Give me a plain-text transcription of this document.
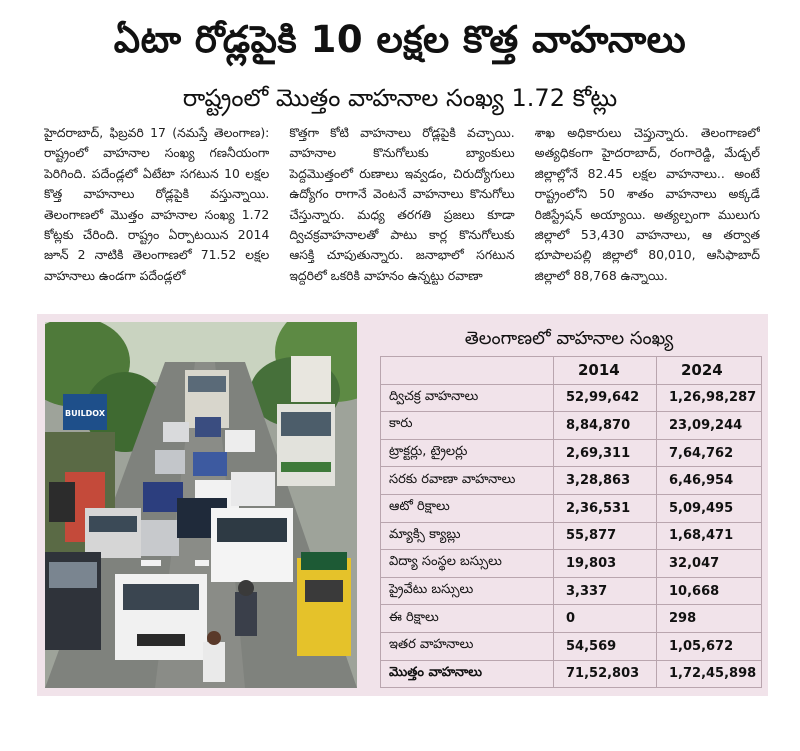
ఏటా రోడ్లపైకి 10 లక్షల కొత్త వాహనాలు
రాష్ట్రంలో మొత్తం వాహనాల సంఖ్య 1.72 కోట్లు
హైదరాబాద్, ఫిబ్రవరి 17 (నమస్తే తెలంగాణ): రాష్ట్రంలో వాహనాల సంఖ్య గణనీయంగా పెరిగింది. పదేండ్లలో ఏటేటా సగటున 10 లక్షల కొత్త వాహనాలు రోడ్లపైకి వస్తున్నాయి. తెలంగాణలో మొత్తం వాహనాల సంఖ్య 1.72 కోట్లకు చేరింది. రాష్ట్రం ఏర్పాటయిన 2014 జూన్ 2 నాటికి తెలంగాణలో 71.52 లక్షల వాహనాలు ఉండగా పదేండ్లలో
కొత్తగా కోటి వాహనాలు రోడ్లపైకి వచ్చాయి. వాహనాల కొనుగోలుకు బ్యాంకులు పెద్దమొత్తంలో రుణాలు ఇవ్వడం, చిరుద్యోగులు ఉద్యోగం రాగానే వెంటనే వాహనాలు కొనుగోలు చేస్తున్నారు. మధ్య తరగతి ప్రజలు కూడా ద్విచక్రవాహనాలతో పాటు కార్ల కొనుగోలుకు ఆసక్తి చూపుతున్నారు. జనాభాలో సగటున ఇద్దరిలో ఒకరికి వాహనం ఉన్నట్టు రవాణా
శాఖ అధికారులు చెప్తున్నారు. తెలంగాణలో అత్యధికంగా హైదరాబాద్, రంగారెడ్డి, మేడ్చల్ జిల్లాల్లోనే 82.45 లక్షల వాహనాలు.. అంటే రాష్ట్రంలోని 50 శాతం వాహనాలు అక్కడే రిజిస్ట్రేషన్ అయ్యాయి. అత్యల్పంగా ములుగు జిల్లాలో 53,430 వాహనాలు, ఆ తర్వాత భూపాలపల్లి జిల్లాలో 80,010, ఆసిఫాబాద్ జిల్లాలో 88,768 ఉన్నాయి.
BUILDOX
తెలంగాణలో వాహనాల సంఖ్య
	2014	2024
ద్విచక్ర వాహనాలు	52,99,642	1,26,98,287
కారు	8,84,870	23,09,244
ట్రాక్టర్లు, ట్రైలర్లు	2,69,311	7,64,762
సరకు రవాణా వాహనాలు	3,28,863	6,46,954
ఆటో రిక్షాలు	2,36,531	5,09,495
మ్యాక్సి క్యాబ్లు	55,877	1,68,471
విద్యా సంస్థల బస్సులు	19,803	32,047
ప్రైవేటు బస్సులు	3,337	10,668
ఈ రిక్షాలు	0	298
ఇతర వాహనాలు	54,569	1,05,672
మొత్తం వాహనాలు	71,52,803	1,72,45,898
